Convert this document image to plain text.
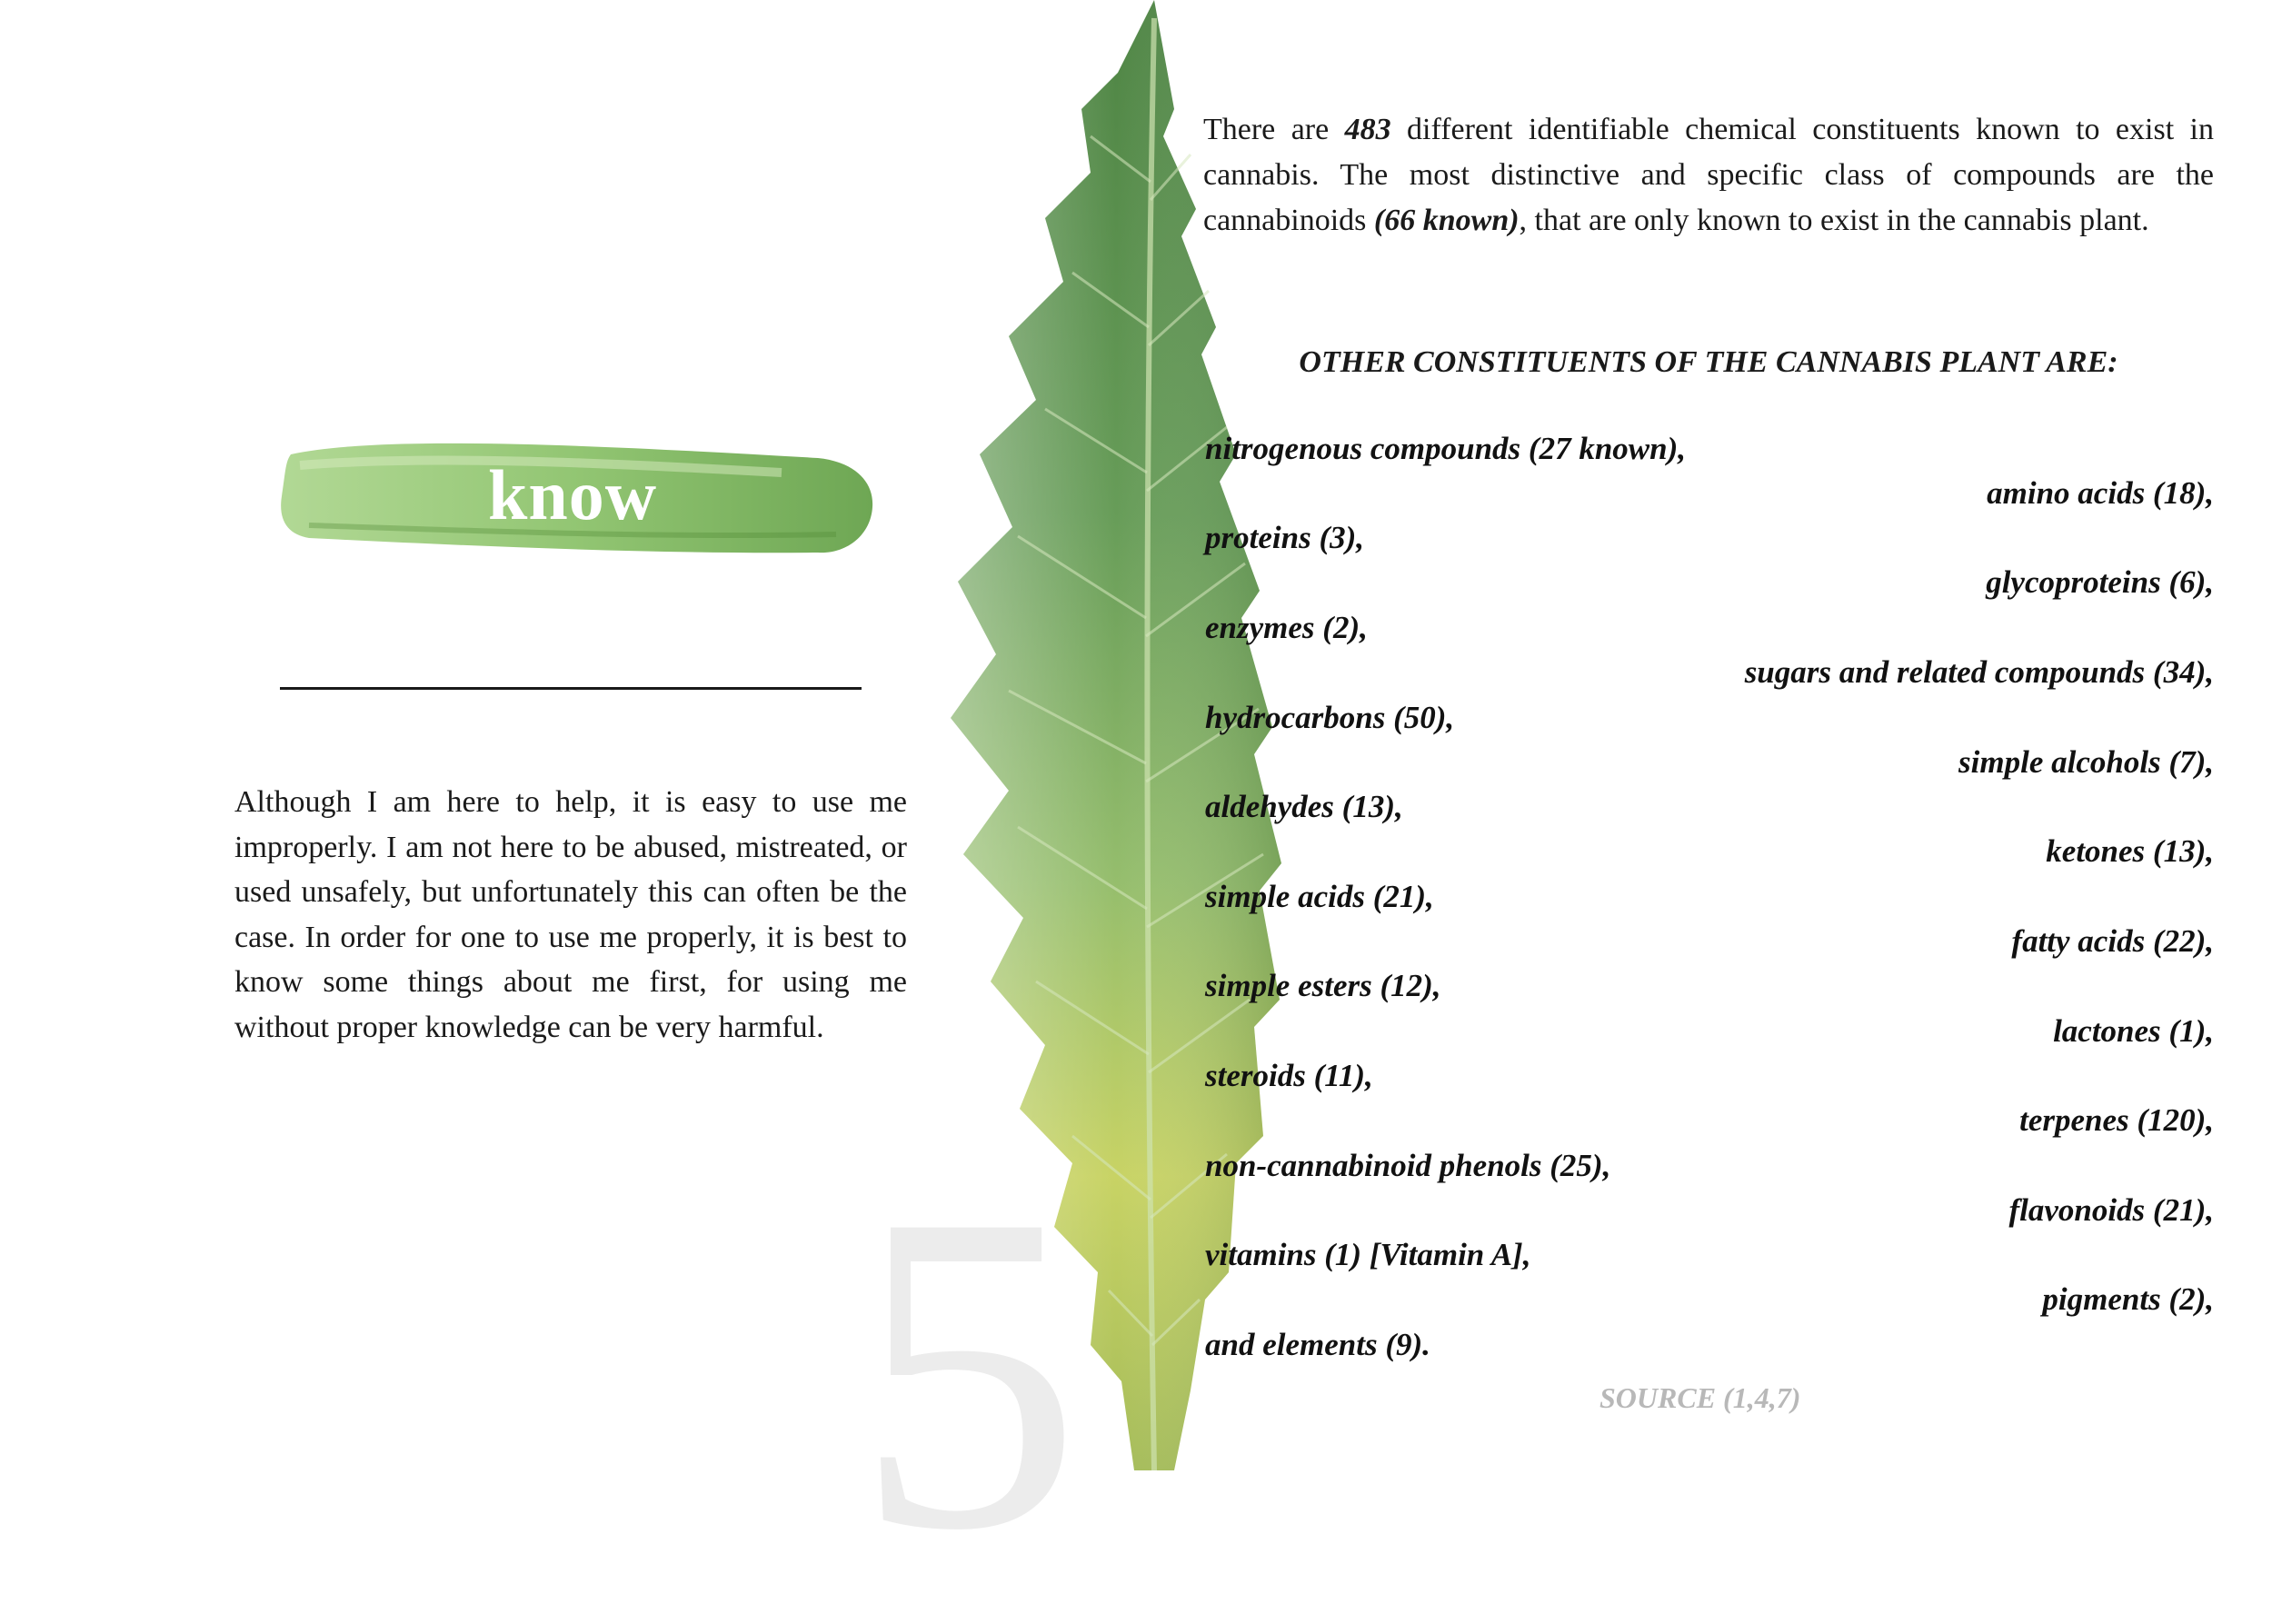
5
know
Although I am here to help, it is easy to use me improperly. I am not here to be abused, mistreated, or used unsafely, but unfortunately this can often be the case. In order for one to use me properly, it is best to know some things about me first, for using me without proper knowledge can be very harmful.
There are 483 different identifiable chemical constituents known to exist in cannabis. The most distinctive and specific class of compounds are the cannabinoids (66 known), that are only known to exist in the cannabis plant.
OTHER CONSTITUENTS OF THE CANNABIS PLANT ARE:
nitrogenous compounds (27 known),
amino acids (18),
proteins (3),
glycoproteins (6),
enzymes (2),
sugars and related compounds (34),
hydrocarbons (50),
simple alcohols (7),
aldehydes (13),
ketones (13),
simple acids (21),
fatty acids (22),
simple esters (12),
lactones (1),
steroids (11),
terpenes (120),
non-cannabinoid phenols (25),
flavonoids (21),
vitamins (1) [Vitamin A],
pigments (2),
and elements (9).
SOURCE (1,4,7)
